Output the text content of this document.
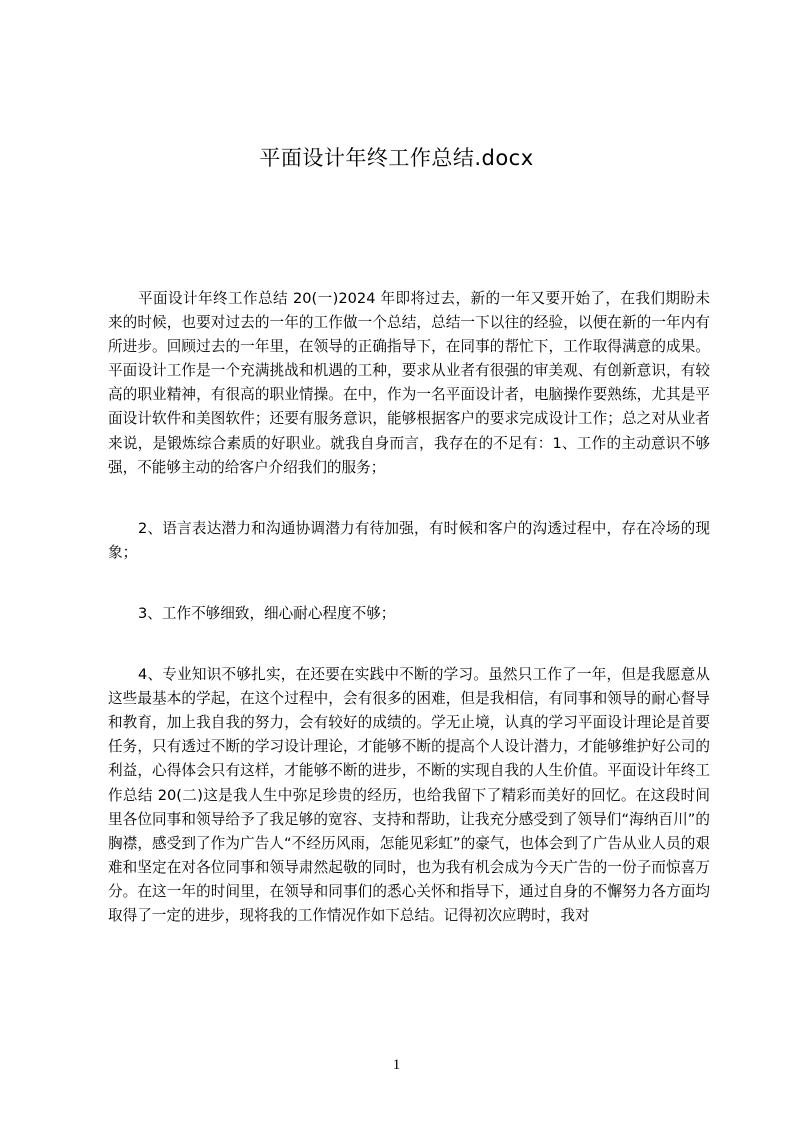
平面设计年终工作总结.docx

平面设计年终工作总结 20(一)2024 年即将过去，新的一年又要开始了，在我们期盼未来的时候，也要对过去的一年的工作做一个总结，总结一下以往的经验，以便在新的一年内有所进步。回顾过去的一年里，在领导的正确指导下，在同事的帮忙下，工作取得满意的成果。平面设计工作是一个充满挑战和机遇的工种，要求从业者有很强的审美观、有创新意识，有较高的职业精神，有很高的职业情操。在中，作为一名平面设计者，电脑操作要熟练，尤其是平面设计软件和美图软件；还要有服务意识，能够根据客户的要求完成设计工作；总之对从业者来说，是锻炼综合素质的好职业。就我自身而言，我存在的不足有：1、工作的主动意识不够强，不能够主动的给客户介绍我们的服务；

2、语言表达潜力和沟通协调潜力有待加强，有时候和客户的沟透过程中，存在冷场的现象；

3、工作不够细致，细心耐心程度不够；

4、专业知识不够扎实，在还要在实践中不断的学习。虽然只工作了一年，但是我愿意从这些最基本的学起，在这个过程中，会有很多的困难，但是我相信，有同事和领导的耐心督导和教育，加上我自我的努力，会有较好的成绩的。学无止境，认真的学习平面设计理论是首要任务，只有透过不断的学习设计理论，才能够不断的提高个人设计潜力，才能够维护好公司的利益，心得体会只有这样，才能够不断的进步，不断的实现自我的人生价值。平面设计年终工作总结 20(二)这是我人生中弥足珍贵的经历，也给我留下了精彩而美好的回忆。在这段时间里各位同事和领导给予了我足够的宽容、支持和帮助，让我充分感受到了领导们“海纳百川”的胸襟，感受到了作为广告人“不经历风雨，怎能见彩虹”的豪气，也体会到了广告从业人员的艰难和坚定在对各位同事和领导肃然起敬的同时，也为我有机会成为今天广告的一份子而惊喜万分。在这一年的时间里，在领导和同事们的悉心关怀和指导下，通过自身的不懈努力各方面均取得了一定的进步，现将我的工作情况作如下总结。记得初次应聘时，我对

1
